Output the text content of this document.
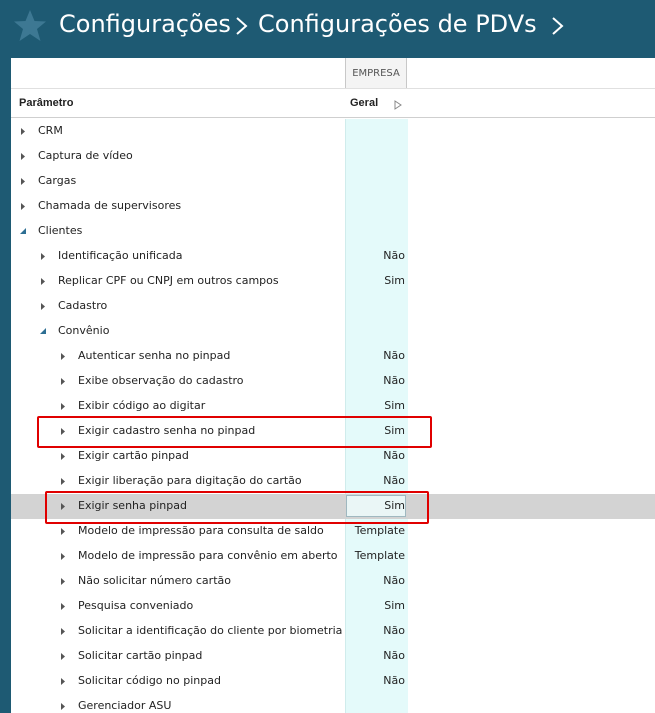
Configurações Configurações de PDVs
EMPRESA
Parâmetro	Geral
CRM
Captura de vídeo
Cargas
Chamada de supervisores
Clientes
Identificação unificada	Não
Replicar CPF ou CNPJ em outros campos	Sim
Cadastro
Convênio
Autenticar senha no pinpad	Não
Exibe observação do cadastro	Não
Exibir código ao digitar	Sim
Exigir cadastro senha no pinpad	Sim
Exigir cartão pinpad	Não
Exigir liberação para digitação do cartão	Não
Exigir senha pinpad	Sim
Modelo de impressão para consulta de saldo	Template
Modelo de impressão para convênio em aberto	Template
Não solicitar número cartão	Não
Pesquisa conveniado	Sim
Solicitar a identificação do cliente por biometria	Não
Solicitar cartão pinpad	Não
Solicitar código no pinpad	Não
Gerenciador ASU
